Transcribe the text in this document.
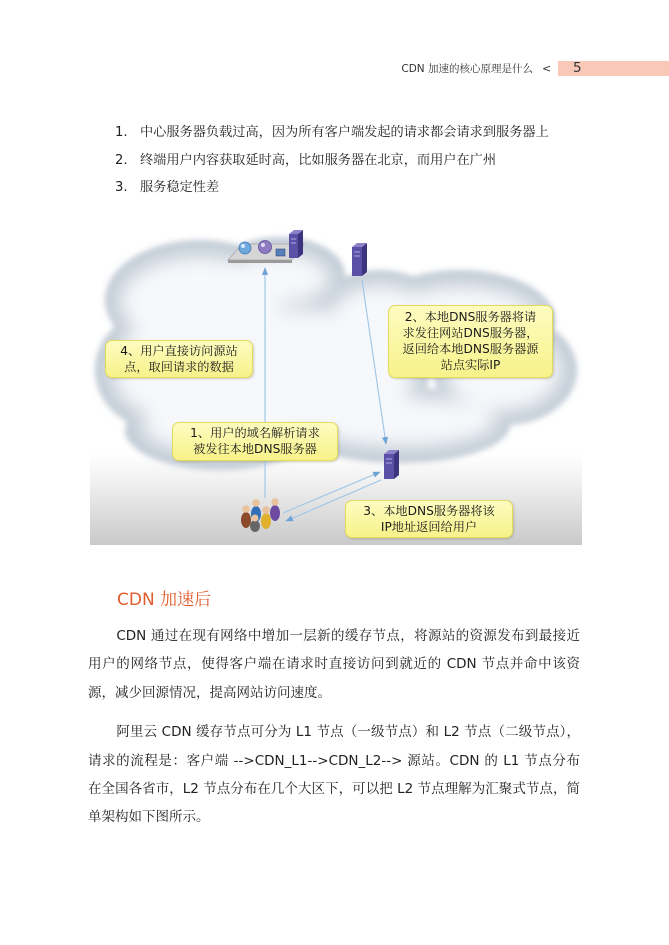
CDN 加速的核心原理是什么 <	5
1. 中心服务器负载过高，因为所有客户端发起的请求都会请求到服务器上
2. 终端用户内容获取延时高，比如服务器在北京，而用户在广州
3. 服务稳定性差
4、用户直接访问源站
点，取回请求的数据
2、本地DNS服务器将请
求发往网站DNS服务器，
返回给本地DNS服务器源
站点实际IP
1、用户的域名解析请求
被发往本地DNS服务器
3、本地DNS服务器将该
IP地址返回给用户
CDN 加速后

CDN 通过在现有网络中增加一层新的缓存节点，将源站的资源发布到最接近用户的网络节点，使得客户端在请求时直接访问到就近的 CDN 节点并命中该资源，减少回源情况，提高网站访问速度。

阿里云 CDN 缓存节点可分为 L1 节点（一级节点）和 L2 节点（二级节点），请求的流程是：客户端 -->CDN_L1-->CDN_L2--> 源站。CDN 的 L1 节点分布在全国各省市，L2 节点分布在几个大区下，可以把 L2 节点理解为汇聚式节点，简单架构如下图所示。
